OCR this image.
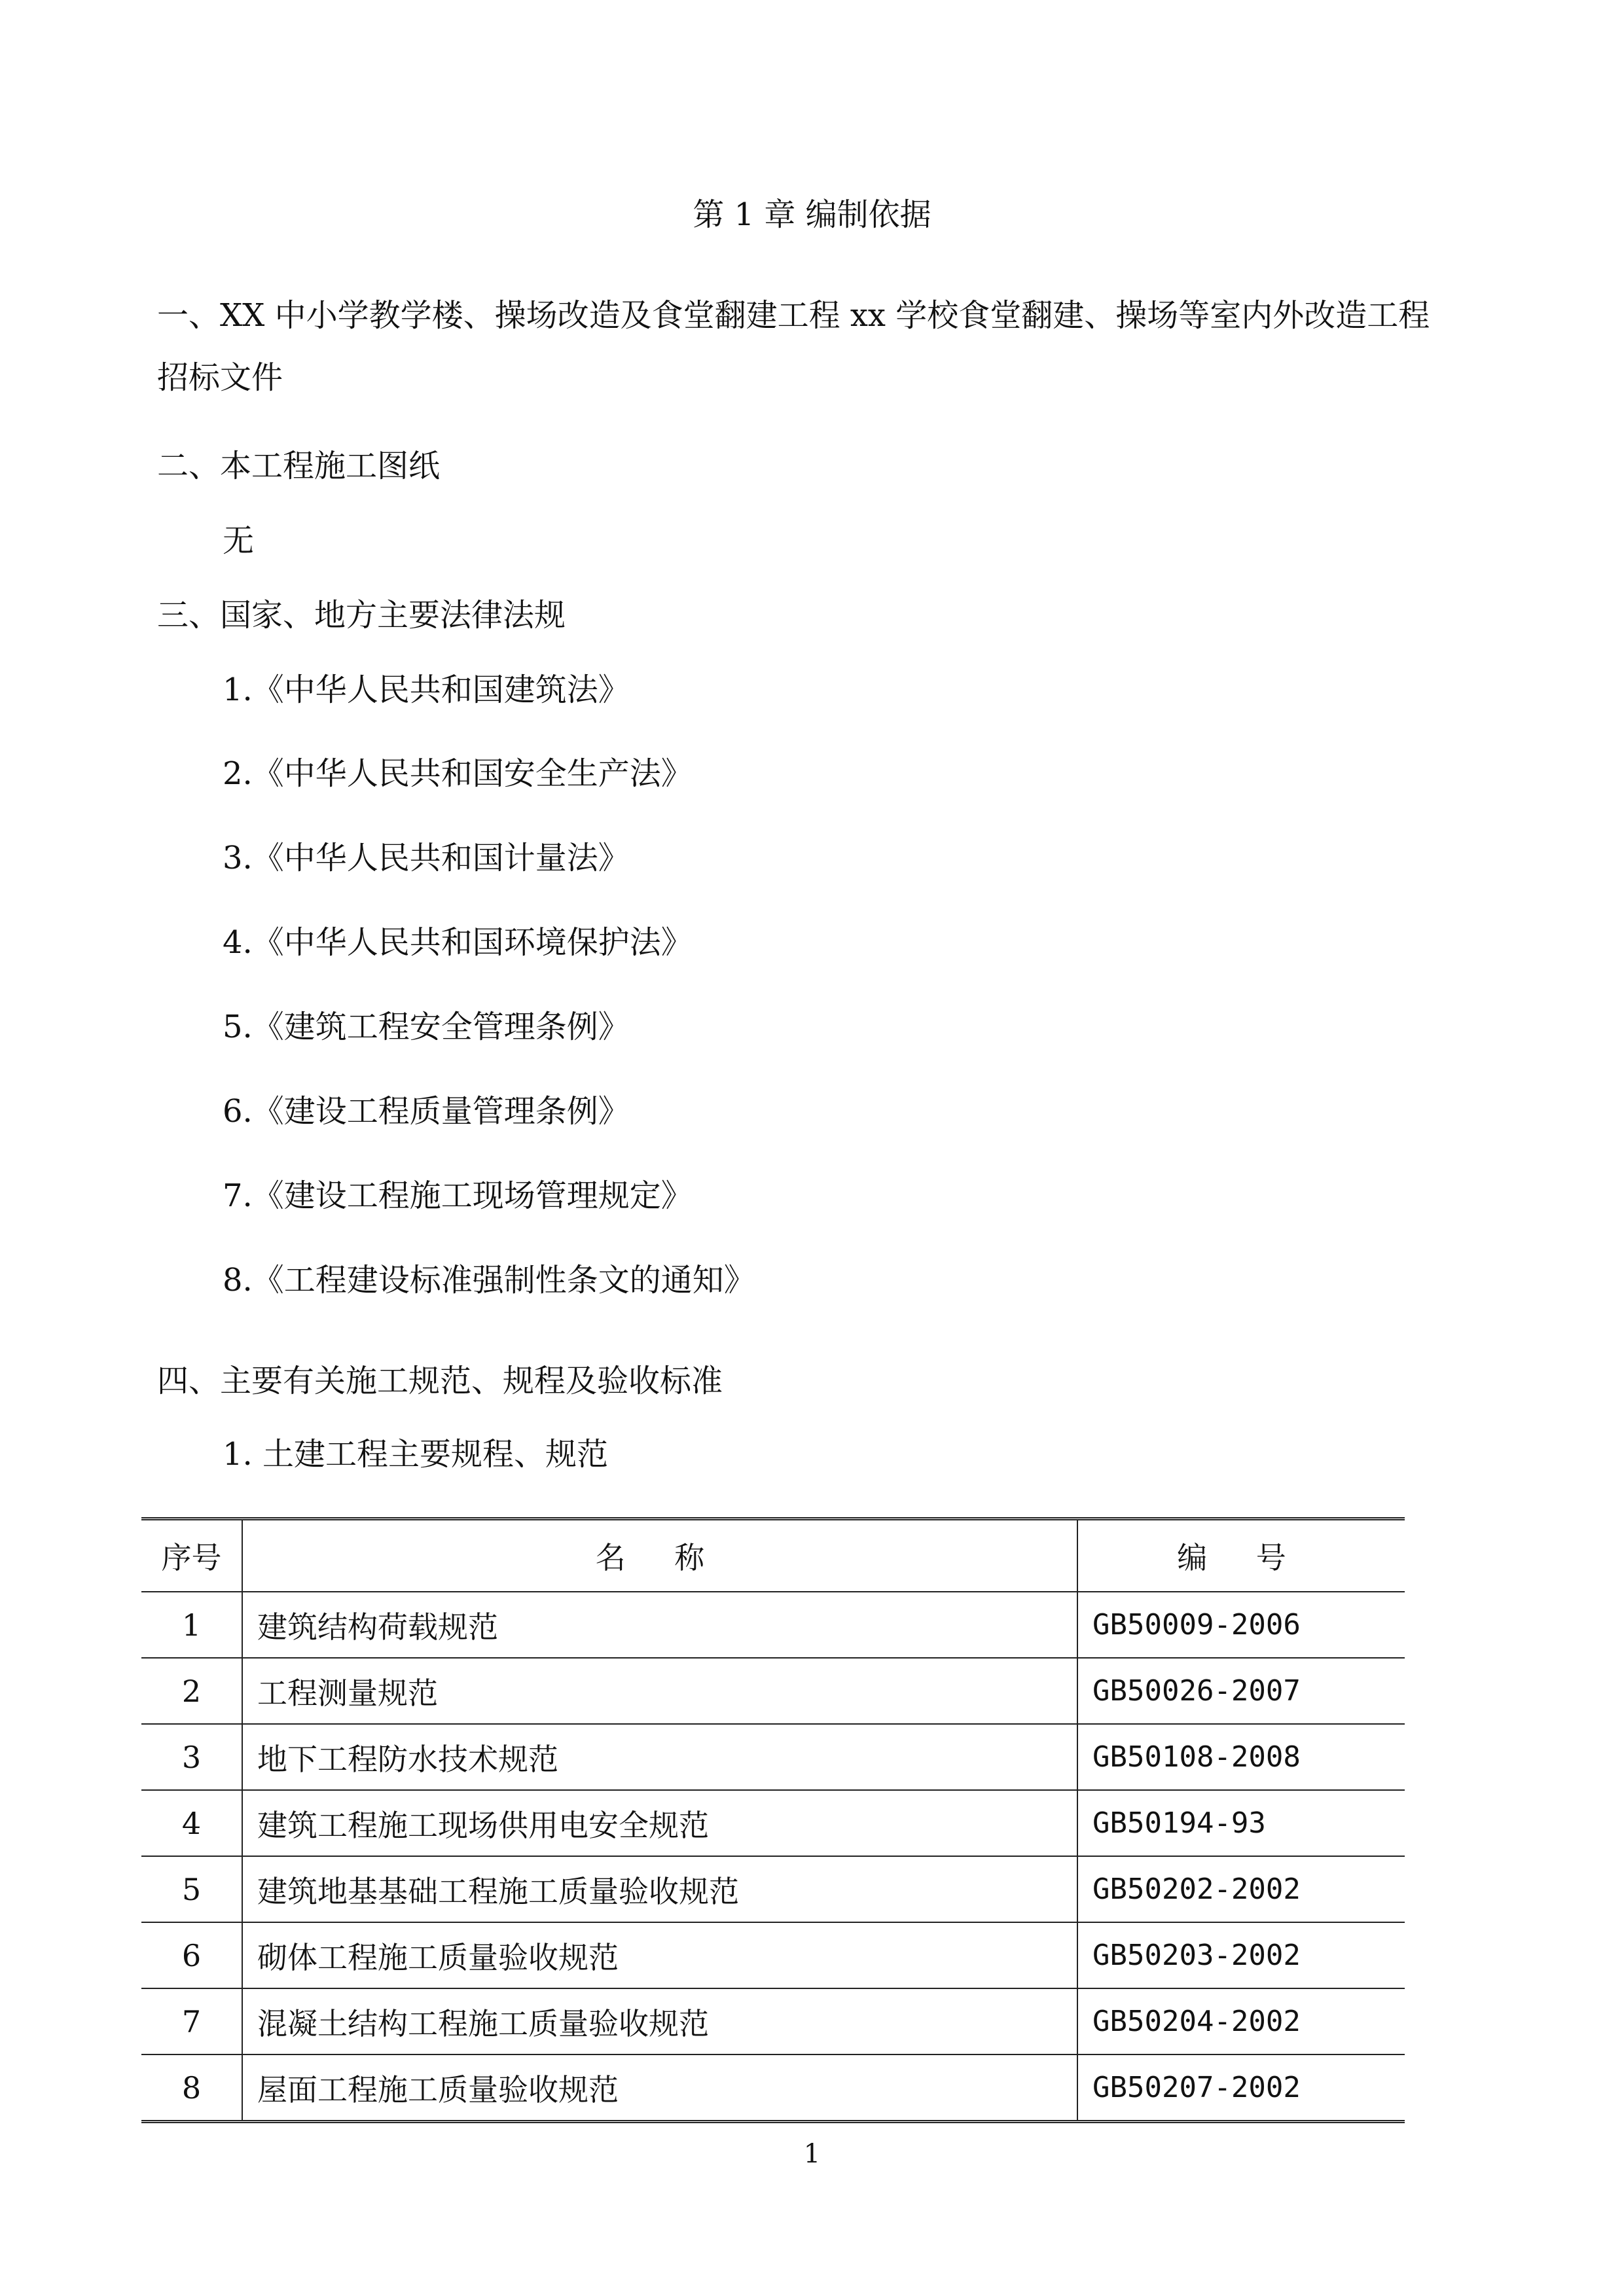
第 1 章 编制依据
一、XX 中小学教学楼、操场改造及食堂翻建工程 xx 学校食堂翻建、操场等室内外改造工程
招标文件
二、本工程施工图纸
无
三、国家、地方主要法律法规
1.《中华人民共和国建筑法》
2.《中华人民共和国安全生产法》
3.《中华人民共和国计量法》
4.《中华人民共和国环境保护法》
5.《建筑工程安全管理条例》
6.《建设工程质量管理条例》
7.《建设工程施工现场管理规定》
8.《工程建设标准强制性条文的通知》
四、主要有关施工规范、规程及验收标准
1. 土建工程主要规程、规范
序号	名 称	编 号
1	建筑结构荷载规范	GB50009-2006
2	工程测量规范	GB50026-2007
3	地下工程防水技术规范	GB50108-2008
4	建筑工程施工现场供用电安全规范	GB50194-93
5	建筑地基基础工程施工质量验收规范	GB50202-2002
6	砌体工程施工质量验收规范	GB50203-2002
7	混凝土结构工程施工质量验收规范	GB50204-2002
8	屋面工程施工质量验收规范	GB50207-2002
1
